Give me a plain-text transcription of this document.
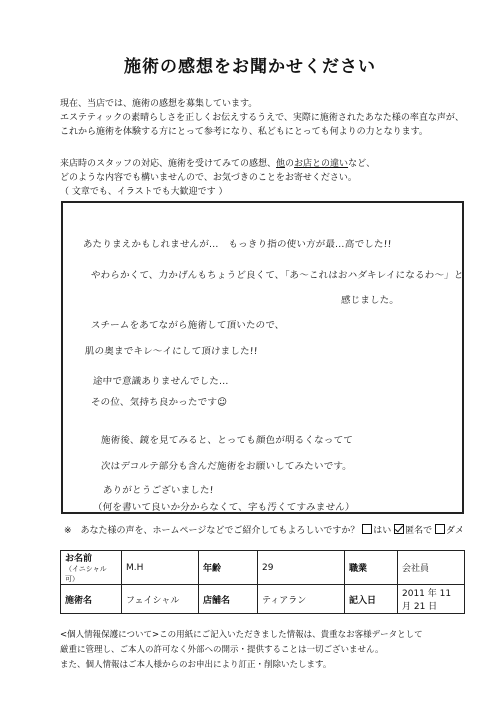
施術の感想をお聞かせください

現在、当店では、施術の感想を募集しています。

エステティックの素晴らしさを正しくお伝えするうえで、実際に施術されたあなた様の率直な声が、

これから施術を体験する方にとって参考になり、私どもにとっても何よりの力となります。

来店時のスタッフの対応、施術を受けてみての感想、他のお店との違いなど、

どのような内容でも構いませんので、お気づきのことをお寄せください。

（ 文章でも、イラストでも大歓迎です ）

あたりまえかもしれませんが…　もっきり指の使い方が最…高でした!!
やわらかくて、力かげんもちょうど良くて、「あ～これはおハダキレイになるわ～」と
感じました。
スチームをあてながら施術して頂いたので、
肌の奥までキレ～イにして頂けました!!
途中で意識ありませんでした…
その位、気持ち良かったです☺
施術後、鏡を見てみると、とっても顔色が明るくなってて
次はデコルテ部分も含んだ施術をお願いしてみたいです。
ありがとうございました!
（何を書いて良いか分からなくて、字も汚くてすみません）
※　あなた様の声を、ホームページなどでご紹介してもよろしいですか？ はい 匿名で ダメ
お名前
（イニシャル可）	M.H	年齢	29	職業	会社員
施術名	フェイシャル	店舗名	ティアラン	記入日	2011 年 11 月 21 日

<個人情報保護について>この用紙にご記入いただきました情報は、貴重なお客様データとして

厳重に管理し、ご本人の許可なく外部への開示・提供することは一切ございません。

また、個人情報はご本人様からのお申出により訂正・削除いたします。
